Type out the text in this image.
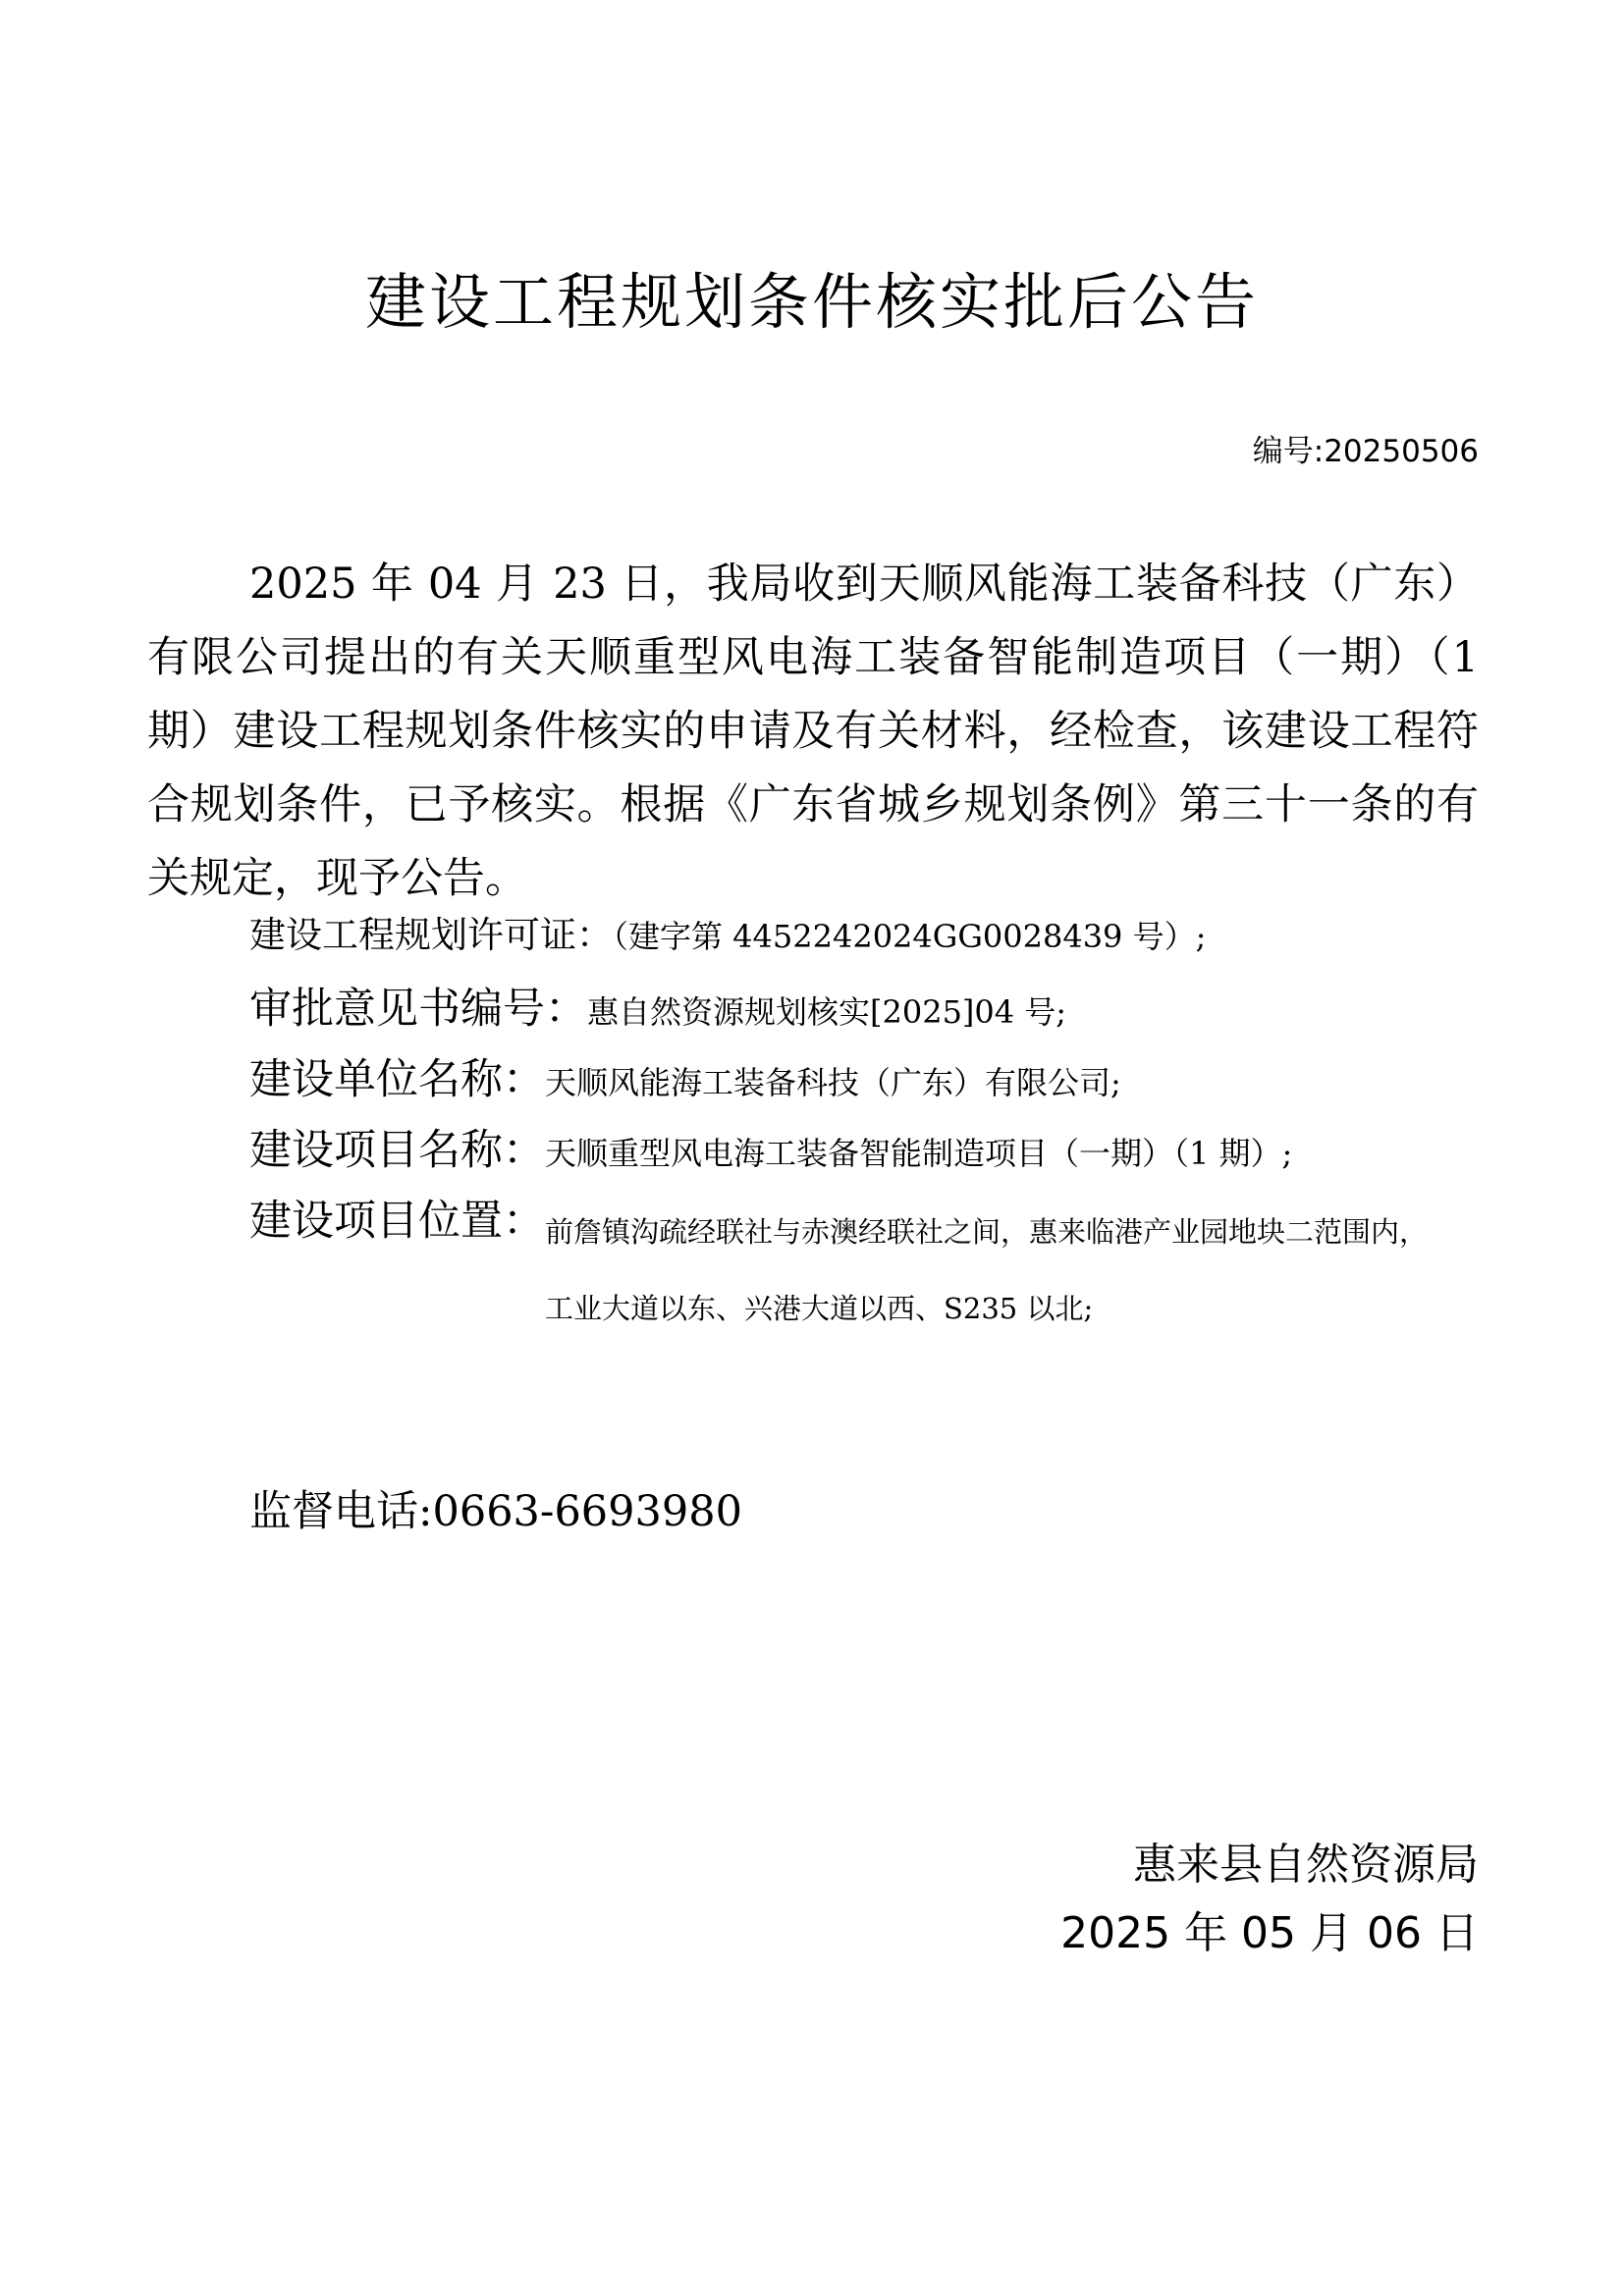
建设工程规划条件核实批后公告
编号:20250506

2025 年 04 月 23 日，我局收到天顺风能海工装备科技（广东）有限公司提出的有关天顺重型风电海工装备智能制造项目（一期）（1 期）建设工程规划条件核实的申请及有关材料，经检查，该建设工程符合规划条件，已予核实。根据《广东省城乡规划条例》第三十一条的有关规定，现予公告。

建设工程规划许可证：（建字第 4452242024GG0028439 号）;
审批意见书编号：惠自然资源规划核实[2025]04 号;
建设单位名称：天顺风能海工装备科技（广东）有限公司;
建设项目名称：天顺重型风电海工装备智能制造项目（一期）（1 期）;
建设项目位置：前詹镇沟疏经联社与赤澳经联社之间，惠来临港产业园地块二范围内，工业大道以东、兴港大道以西、S235 以北;
监督电话:0663-6693980
惠来县自然资源局
2025 年 05 月 06 日
